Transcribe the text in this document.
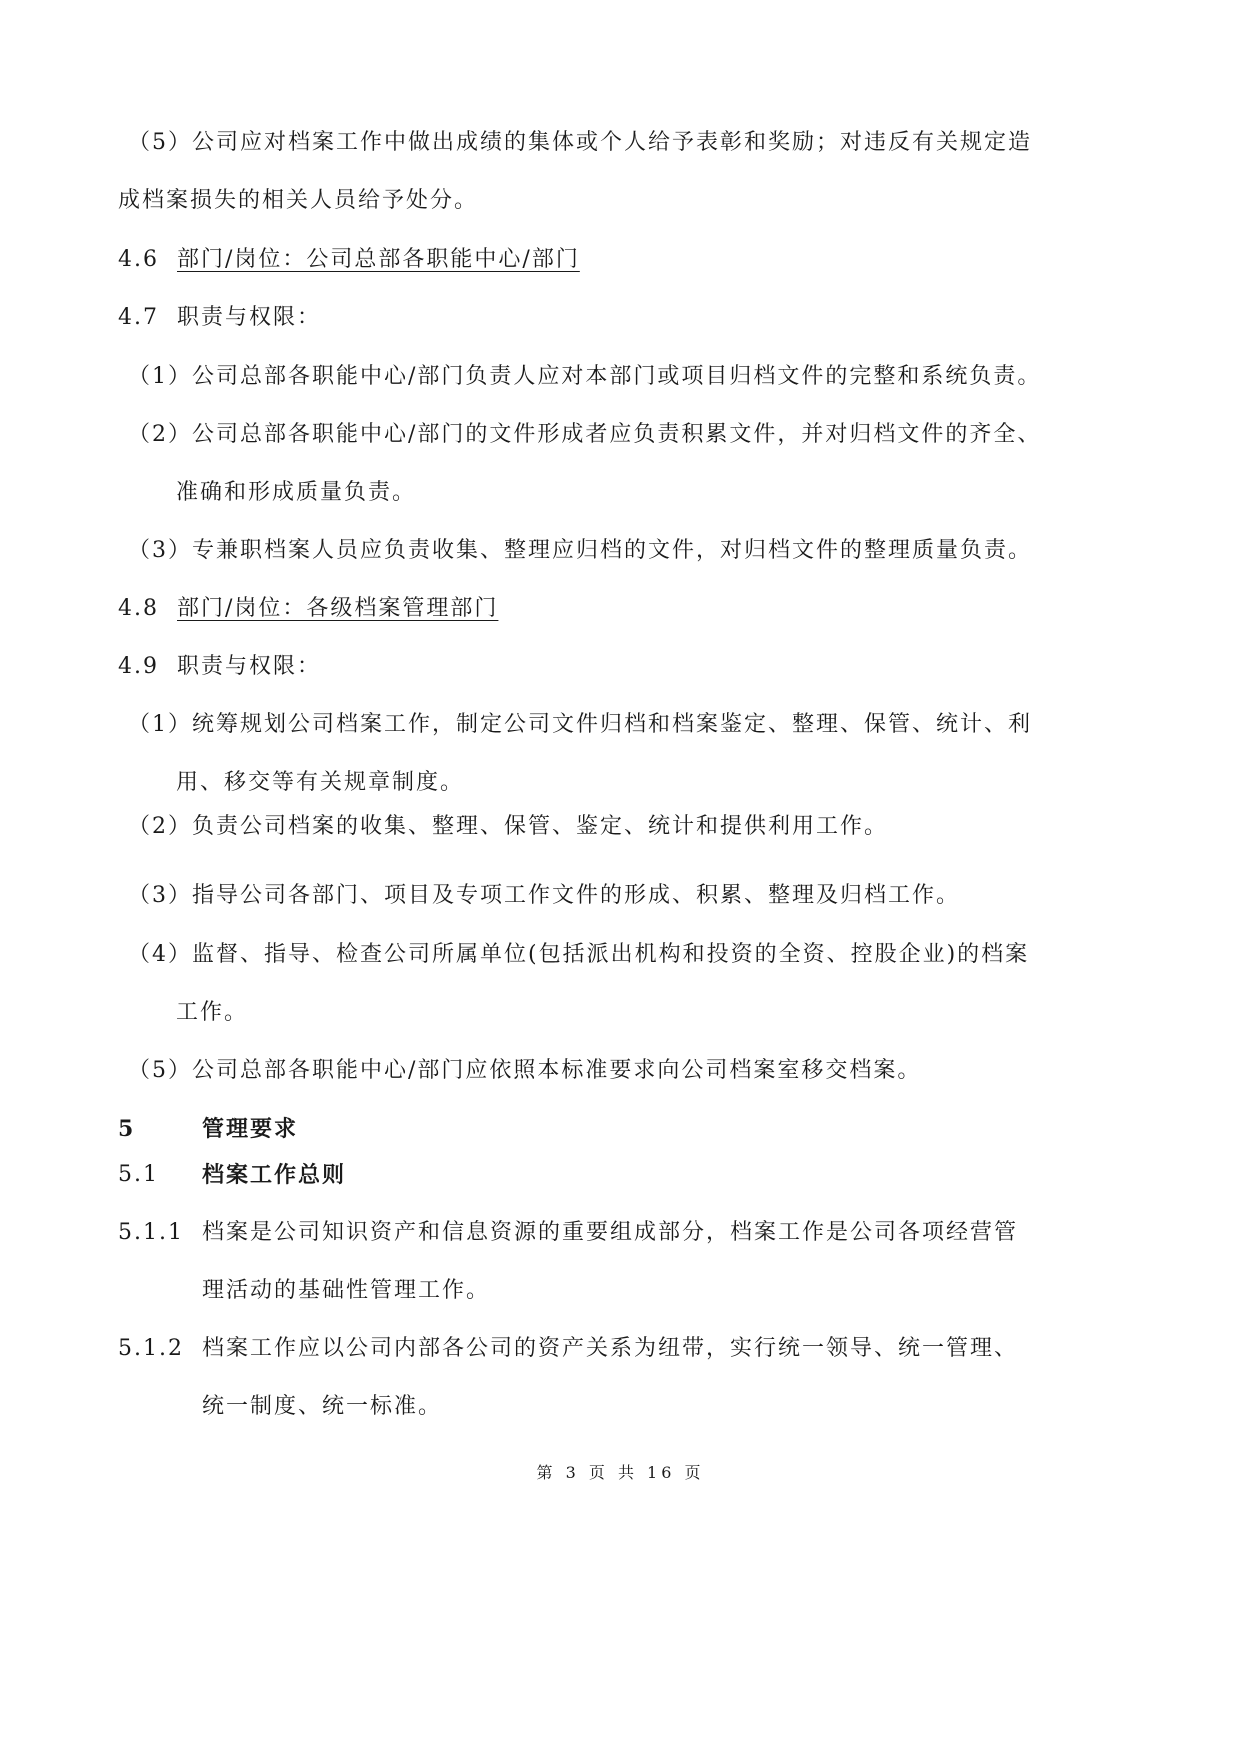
（5）公司应对档案工作中做出成绩的集体或个人给予表彰和奖励；对违反有关规定造
成档案损失的相关人员给予处分。
4.6 部门/岗位：公司总部各职能中心/部门
4.7 职责与权限：
（1）公司总部各职能中心/部门负责人应对本部门或项目归档文件的完整和系统负责。
（2）公司总部各职能中心/部门的文件形成者应负责积累文件，并对归档文件的齐全、
准确和形成质量负责。
（3）专兼职档案人员应负责收集、整理应归档的文件，对归档文件的整理质量负责。
4.8 部门/岗位：各级档案管理部门
4.9 职责与权限：
（1）统筹规划公司档案工作，制定公司文件归档和档案鉴定、整理、保管、统计、利
用、移交等有关规章制度。
（2）负责公司档案的收集、整理、保管、鉴定、统计和提供利用工作。
（3）指导公司各部门、项目及专项工作文件的形成、积累、整理及归档工作。
（4）监督、指导、检查公司所属单位(包括派出机构和投资的全资、控股企业)的档案
工作。
（5）公司总部各职能中心/部门应依照本标准要求向公司档案室移交档案。
5	管理要求
5.1 档案工作总则
5.1.1 档案是公司知识资产和信息资源的重要组成部分，档案工作是公司各项经营管
理活动的基础性管理工作。
5.1.2 档案工作应以公司内部各公司的资产关系为纽带，实行统一领导、统一管理、
统一制度、统一标准。
第 3 页 共 16 页
